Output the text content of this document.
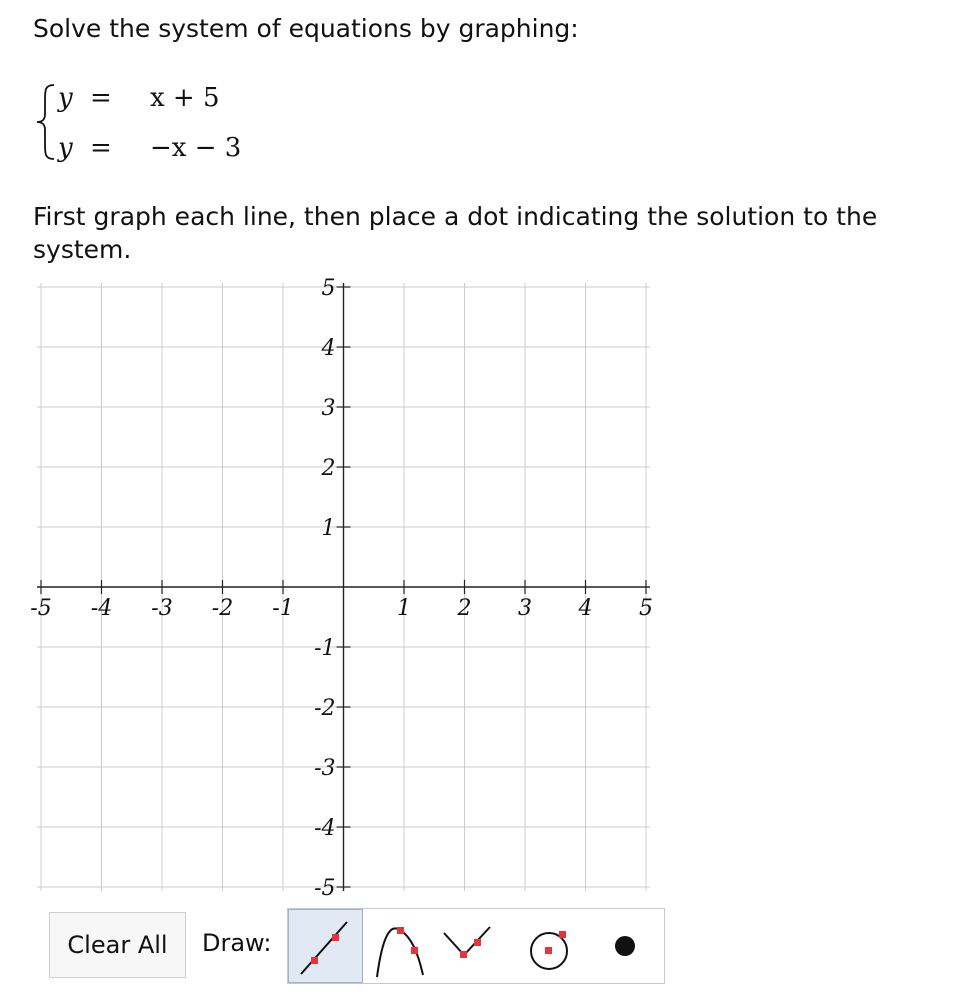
Solve the system of equations by graphing:
y =	x + 5
y =	−x − 3
First graph each line, then place a dot indicating the solution to the system.
-5 -4 -3 -2 -1	1 2 3 4 5
-5
-4
-3
-2
-1
1
2
3
4
5
Clear All	Draw:
